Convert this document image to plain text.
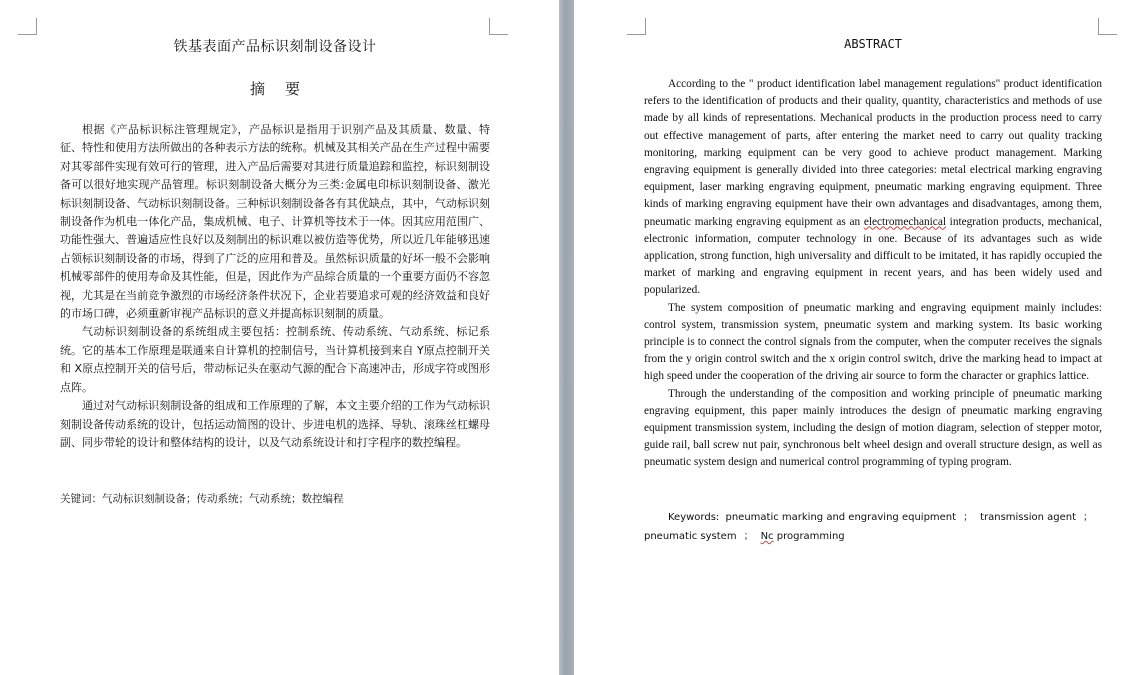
铁基表面产品标识刻制设备设计
摘要

根据《产品标识标注管理规定》，产品标识是指用于识别产品及其质量、数量、特征、特性和使用方法所做出的各种表示方法的统称。机械及其相关产品在生产过程中需要对其零部件实现有效可行的管理，进入产品后需要对其进行质量追踪和监控，标识刻制设备可以很好地实现产品管理。标识刻制设备大概分为三类:金属电印标识刻制设备、激光标识刻制设备、气动标识刻制设备。三种标识刻制设备各有其优缺点，其中，气动标识刻制设备作为机电一体化产品，集成机械、电子、计算机等技术于一体。因其应用范围广、功能性强大、普遍适应性良好以及刻制出的标识难以被仿造等优势，所以近几年能够迅速占领标识刻制设备的市场，得到了广泛的应用和普及。虽然标识质量的好坏一般不会影响机械零部件的使用寿命及其性能，但是，因此作为产品综合质量的一个重要方面仍不容忽视，尤其是在当前竞争激烈的市场经济条件状况下，企业若要追求可观的经济效益和良好的市场口碑，必须重新审视产品标识的意义并提高标识刻制的质量。

气动标识刻制设备的系统组成主要包括：控制系统、传动系统、气动系统、标记系统。它的基本工作原理是联通来自计算机的控制信号，当计算机接到来自 Y原点控制开关和 X原点控制开关的信号后，带动标记头在驱动气源的配合下高速冲击，形成字符或图形点阵。

通过对气动标识刻制设备的组成和工作原理的了解，本文主要介绍的工作为气动标识刻制设备传动系统的设计，包括运动简图的设计、步进电机的选择、导轨、滚珠丝杠螺母副、同步带轮的设计和整体结构的设计，以及气动系统设计和打字程序的数控编程。

关键词：气动标识刻制设备；传动系统；气动系统；数控编程
ABSTRACT

According to the " product identification label management regulations" product identification refers to the identification of products and their quality, quantity, characteristics and methods of use made by all kinds of representations. Mechanical products in the production process need to carry out effective management of parts, after entering the market need to carry out quality tracking monitoring, marking equipment can be very good to achieve product management. Marking engraving equipment is generally divided into three categories: metal electrical marking engraving equipment, laser marking engraving equipment, pneumatic marking engraving equipment. Three kinds of marking engraving equipment have their own advantages and disadvantages, among them, pneumatic marking engraving equipment as an electromechanical integration products, mechanical, electronic information, computer technology in one. Because of its advantages such as wide application, strong function, high universality and difficult to be imitated, it has rapidly occupied the market of marking and engraving equipment in recent years, and has been widely used and popularized.

The system composition of pneumatic marking and engraving equipment mainly includes: control system, transmission system, pneumatic system and marking system. Its basic working principle is to connect the control signals from the computer, when the computer receives the signals from the y origin control switch and the x origin control switch, drive the marking head to impact at high speed under the cooperation of the driving air source to form the character or graphics lattice.

Through the understanding of the composition and working principle of pneumatic marking engraving equipment, this paper mainly introduces the design of pneumatic marking engraving equipment transmission system, including the design of motion diagram, selection of stepper motor, guide rail, ball screw nut pair, synchronous belt wheel design and overall structure design, as well as pneumatic system design and numerical control programming of typing program.

Keywords: pneumatic marking and engraving equipment ； transmission agent ；pneumatic system ； Nc programming
